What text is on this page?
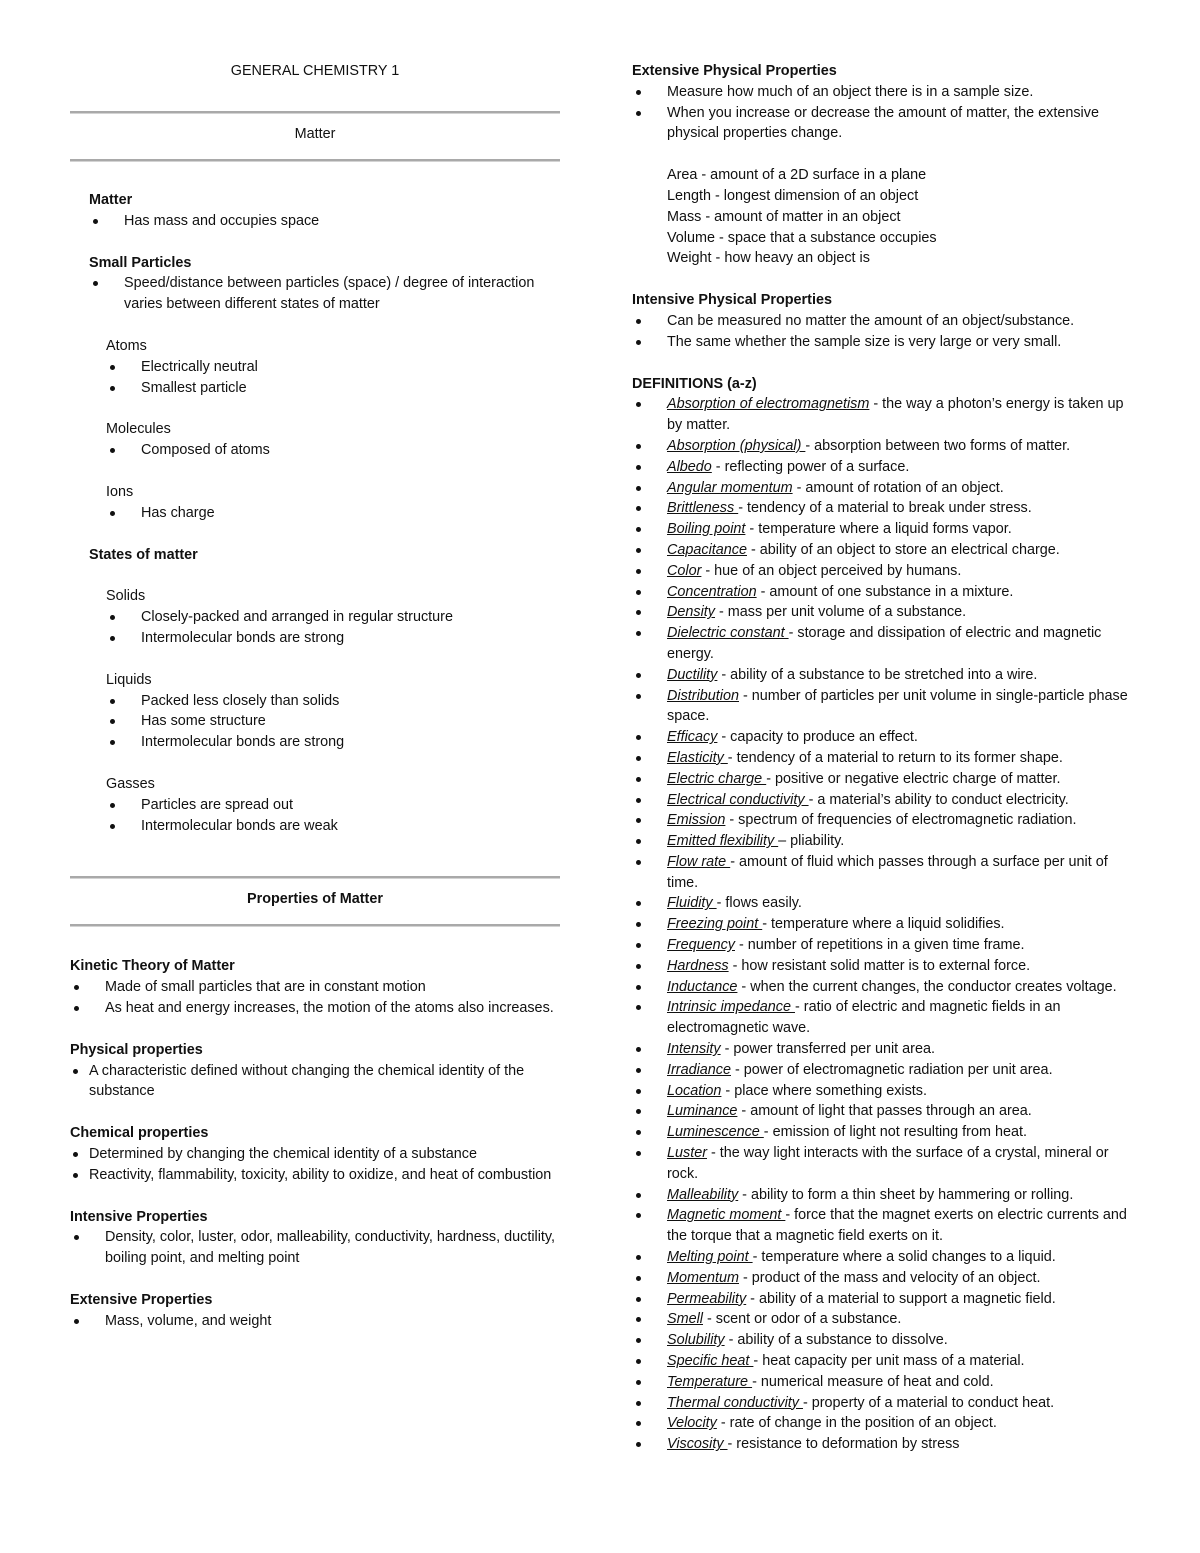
GENERAL CHEMISTRY 1
Matter
Matter
Has mass and occupies space
Small Particles
Speed/distance between particles (space) / degree of interaction varies between different states of matter
Atoms
Electrically neutral
Smallest particle
Molecules
Composed of atoms
Ions
Has charge
States of matter
Solids
Closely-packed and arranged in regular structure
Intermolecular bonds are strong
Liquids
Packed less closely than solids
Has some structure
Intermolecular bonds are strong
Gasses
Particles are spread out
Intermolecular bonds are weak
Properties of Matter
Kinetic Theory of Matter
Made of small particles that are in constant motion
As heat and energy increases, the motion of the atoms also increases.
Physical properties
A characteristic defined without changing the chemical identity of the substance
Chemical properties
Determined by changing the chemical identity of a substance
Reactivity, flammability, toxicity, ability to oxidize, and heat of combustion
Intensive Properties
Density, color, luster, odor, malleability, conductivity, hardness, ductility, boiling point, and melting point
Extensive Properties
Mass, volume, and weight
Extensive Physical Properties
Measure how much of an object there is in a sample size.
When you increase or decrease the amount of matter, the extensive physical properties change.
Area - amount of a 2D surface in a plane
Length - longest dimension of an object
Mass - amount of matter in an object
Volume - space that a substance occupies
Weight - how heavy an object is
Intensive Physical Properties
Can be measured no matter the amount of an object/substance.
The same whether the sample size is very large or very small.
DEFINITIONS (a-z)
Absorption of electromagnetism - the way a photon’s energy is taken up by matter.
Absorption (physical) - absorption between two forms of matter.
Albedo - reflecting power of a surface.
Angular momentum - amount of rotation of an object.
Brittleness - tendency of a material to break under stress.
Boiling point - temperature where a liquid forms vapor.
Capacitance - ability of an object to store an electrical charge.
Color - hue of an object perceived by humans.
Concentration - amount of one substance in a mixture.
Density - mass per unit volume of a substance.
Dielectric constant - storage and dissipation of electric and magnetic energy.
Ductility - ability of a substance to be stretched into a wire.
Distribution - number of particles per unit volume in single-particle phase space.
Efficacy - capacity to produce an effect.
Elasticity - tendency of a material to return to its former shape.
Electric charge - positive or negative electric charge of matter.
Electrical conductivity - a material’s ability to conduct electricity.
Emission - spectrum of frequencies of electromagnetic radiation.
Emitted flexibility – pliability.
Flow rate - amount of fluid which passes through a surface per unit of time.
Fluidity - flows easily.
Freezing point - temperature where a liquid solidifies.
Frequency - number of repetitions in a given time frame.
Hardness - how resistant solid matter is to external force.
Inductance - when the current changes, the conductor creates voltage.
Intrinsic impedance - ratio of electric and magnetic fields in an electromagnetic wave.
Intensity - power transferred per unit area.
Irradiance - power of electromagnetic radiation per unit area.
Location - place where something exists.
Luminance - amount of light that passes through an area.
Luminescence - emission of light not resulting from heat.
Luster - the way light interacts with the surface of a crystal, mineral or rock.
Malleability - ability to form a thin sheet by hammering or rolling.
Magnetic moment - force that the magnet exerts on electric currents and the torque that a magnetic field exerts on it.
Melting point - temperature where a solid changes to a liquid.
Momentum - product of the mass and velocity of an object.
Permeability - ability of a material to support a magnetic field.
Smell - scent or odor of a substance.
Solubility - ability of a substance to dissolve.
Specific heat - heat capacity per unit mass of a material.
Temperature - numerical measure of heat and cold.
Thermal conductivity - property of a material to conduct heat.
Velocity - rate of change in the position of an object.
Viscosity - resistance to deformation by stress
